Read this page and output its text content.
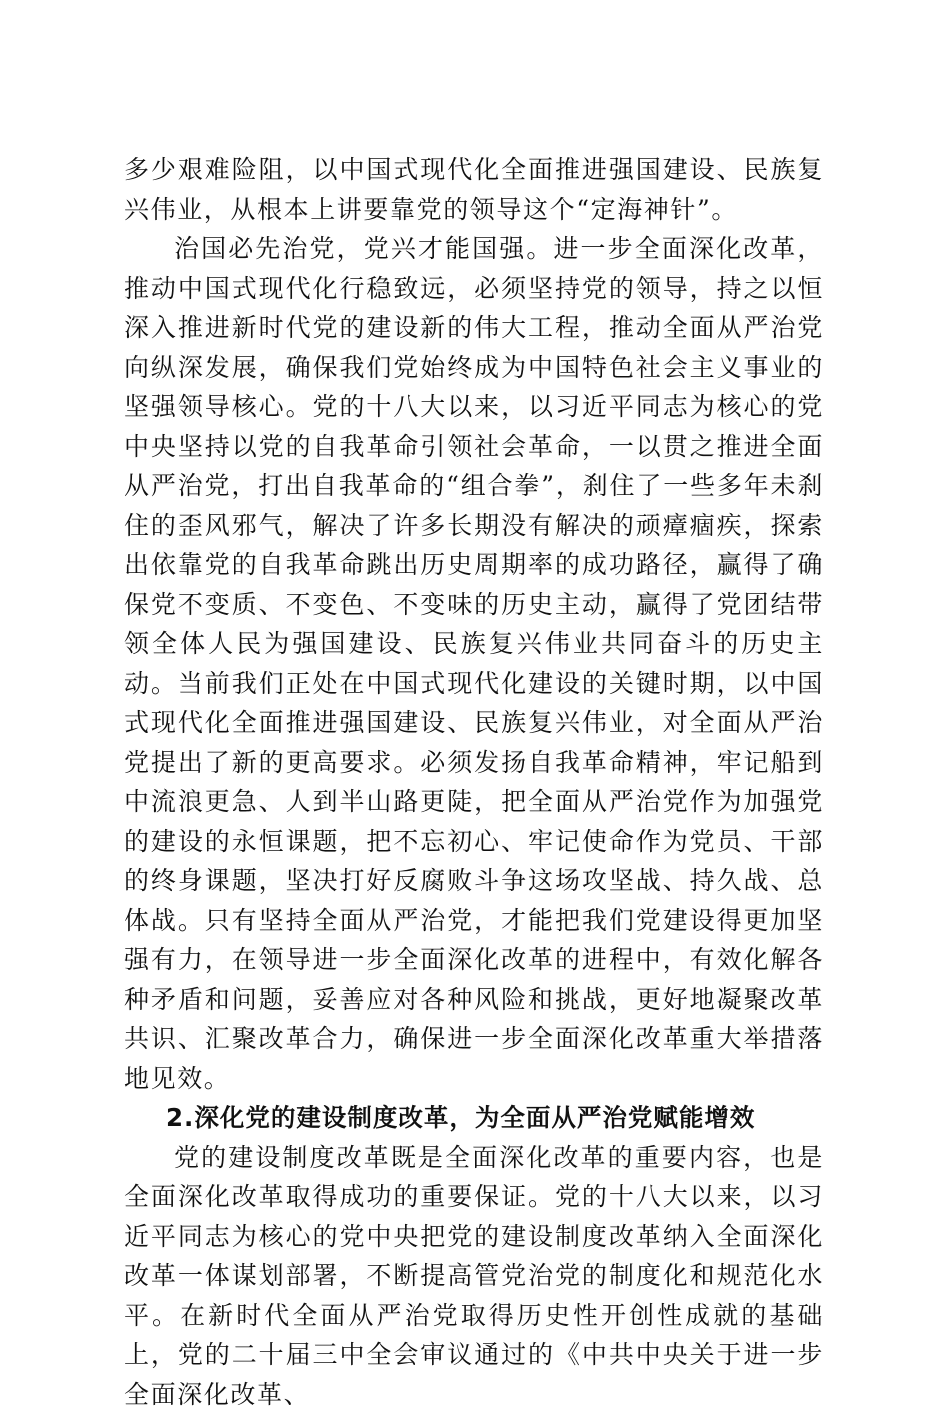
多少艰难险阻，以中国式现代化全面推进强国建设、民族复兴伟业，从根本上讲要靠党的领导这个“定海神针”。

治国必先治党，党兴才能国强。进一步全面深化改革，推动中国式现代化行稳致远，必须坚持党的领导，持之以恒深入推进新时代党的建设新的伟大工程，推动全面从严治党向纵深发展，确保我们党始终成为中国特色社会主义事业的坚强领导核心。党的十八大以来，以习近平同志为核心的党中央坚持以党的自我革命引领社会革命，一以贯之推进全面从严治党，打出自我革命的“组合拳”，刹住了一些多年未刹住的歪风邪气，解决了许多长期没有解决的顽瘴痼疾，探索出依靠党的自我革命跳出历史周期率的成功路径，赢得了确保党不变质、不变色、不变味的历史主动，赢得了党团结带领全体人民为强国建设、民族复兴伟业共同奋斗的历史主动。当前我们正处在中国式现代化建设的关键时期，以中国式现代化全面推进强国建设、民族复兴伟业，对全面从严治党提出了新的更高要求。必须发扬自我革命精神，牢记船到中流浪更急、人到半山路更陡，把全面从严治党作为加强党的建设的永恒课题，把不忘初心、牢记使命作为党员、干部的终身课题，坚决打好反腐败斗争这场攻坚战、持久战、总体战。只有坚持全面从严治党，才能把我们党建设得更加坚强有力，在领导进一步全面深化改革的进程中，有效化解各种矛盾和问题，妥善应对各种风险和挑战，更好地凝聚改革共识、汇聚改革合力，确保进一步全面深化改革重大举措落地见效。

2.深化党的建设制度改革，为全面从严治党赋能增效

党的建设制度改革既是全面深化改革的重要内容，也是全面深化改革取得成功的重要保证。党的十八大以来，以习近平同志为核心的党中央把党的建设制度改革纳入全面深化改革一体谋划部署，不断提高管党治党的制度化和规范化水平。在新时代全面从严治党取得历史性开创性成就的基础上，党的二十届三中全会审议通过的《中共中央关于进一步全面深化改革、
